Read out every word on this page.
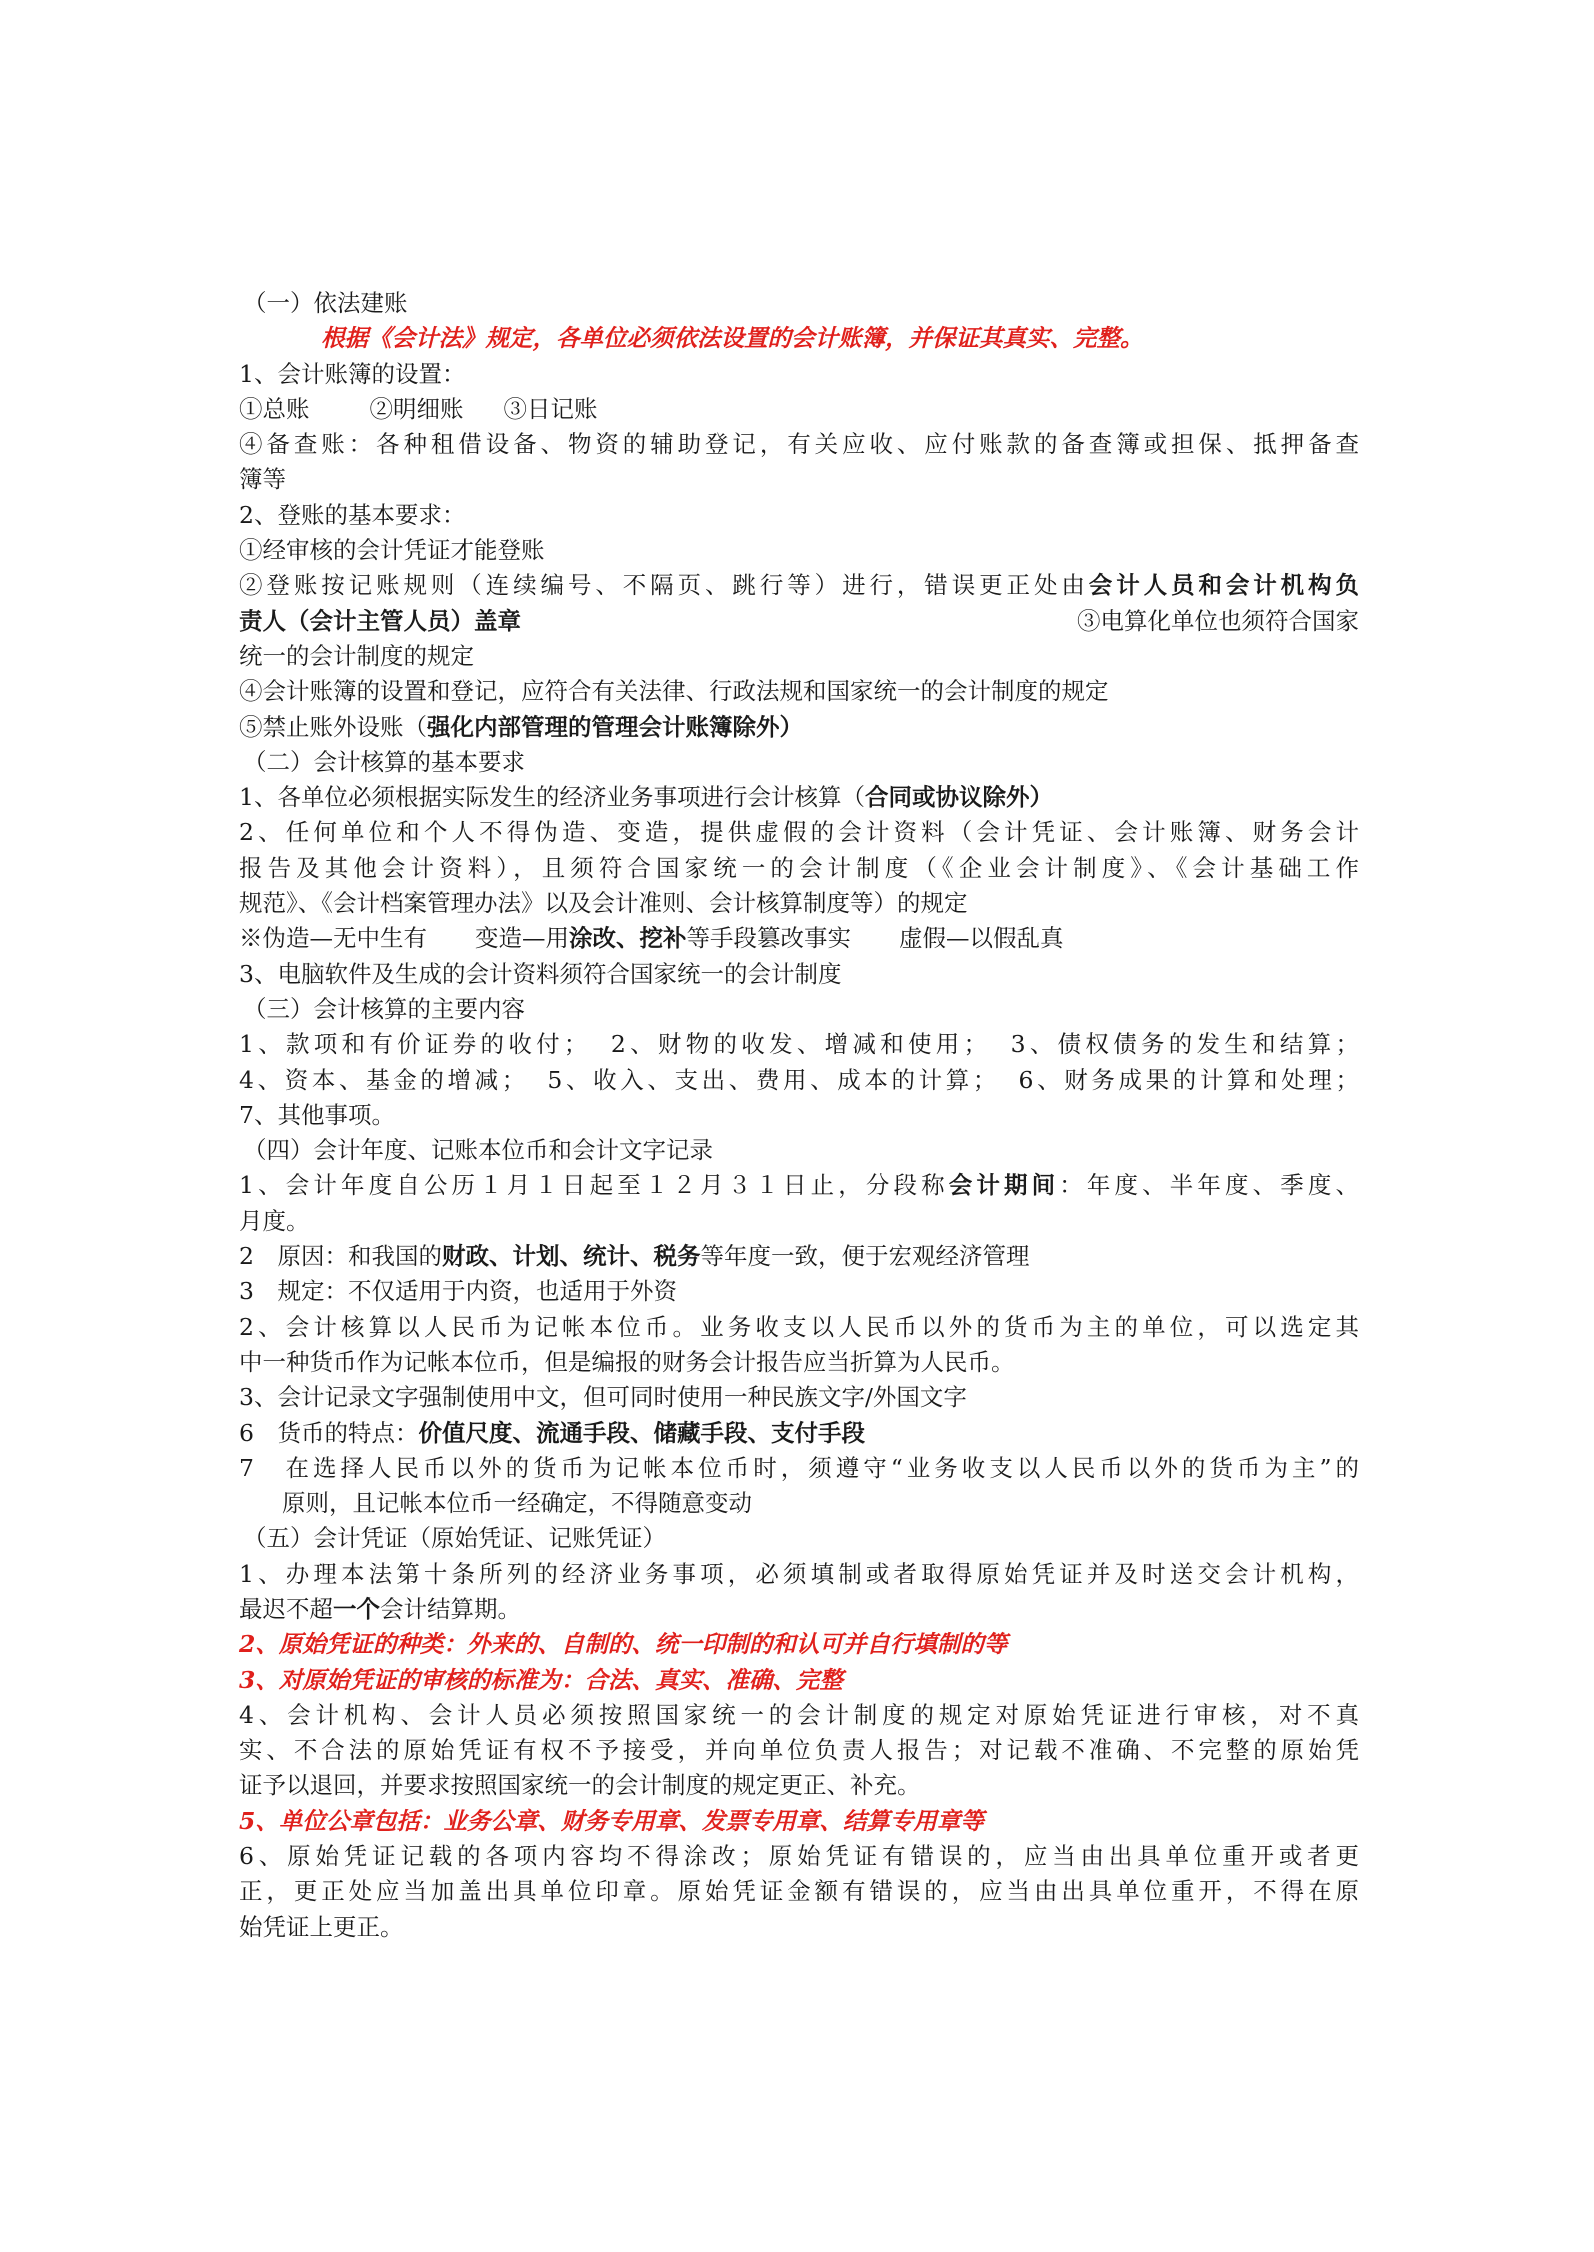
（一）依法建账
根据《会计法》规定，各单位必须依法设置的会计账簿，并保证其真实、完整。
1、会计账簿的设置：
①总账	②明细账 ③日记账
④备查账：各种租借设备、物资的辅助登记，有关应收、应付账款的备查簿或担保、抵押备查
簿等
2、登账的基本要求：
①经审核的会计凭证才能登账
②登账按记账规则（连续编号、不隔页、跳行等）进行，错误更正处由会计人员和会计机构负
责人（会计主管人员）盖章	③电算化单位也须符合国家
统一的会计制度的规定
④会计账簿的设置和登记，应符合有关法律、行政法规和国家统一的会计制度的规定
⑤禁止账外设账（强化内部管理的管理会计账簿除外）
（二）会计核算的基本要求
1、各单位必须根据实际发生的经济业务事项进行会计核算（合同或协议除外）
2、任何单位和个人不得伪造、变造，提供虚假的会计资料（会计凭证、会计账簿、财务会计
报告及其他会计资料），且须符合国家统一的会计制度（《企业会计制度》、《会计基础工作
规范》、《会计档案管理办法》以及会计准则、会计核算制度等）的规定
※伪造—无中生有 变造—用涂改、挖补等手段篡改事实 虚假—以假乱真
3、电脑软件及生成的会计资料须符合国家统一的会计制度
（三）会计核算的主要内容
1、款项和有价证券的收付；  2、财物的收发、增减和使用；  3、债权债务的发生和结算；
4、资本、基金的增减；  5、收入、支出、费用、成本的计算；  6、财务成果的计算和处理；
7、其他事项。
（四）会计年度、记账本位币和会计文字记录
1、会计年度自公历１月１日起至１２月３１日止，分段称会计期间：年度、半年度、季度、
月度。
2　原因：和我国的财政、计划、统计、税务等年度一致，便于宏观经济管理
3　规定：不仅适用于内资，也适用于外资
2、会计核算以人民币为记帐本位币。业务收支以人民币以外的货币为主的单位，可以选定其
中一种货币作为记帐本位币，但是编报的财务会计报告应当折算为人民币。
3、会计记录文字强制使用中文，但可同时使用一种民族文字/外国文字
6　货币的特点：价值尺度、流通手段、储藏手段、支付手段
7　在选择人民币以外的货币为记帐本位币时，须遵守“业务收支以人民币以外的货币为主”的
原则，且记帐本位币一经确定，不得随意变动
（五）会计凭证（原始凭证、记账凭证）
1、办理本法第十条所列的经济业务事项，必须填制或者取得原始凭证并及时送交会计机构，
最迟不超一个会计结算期。
2、原始凭证的种类：外来的、自制的、统一印制的和认可并自行填制的等
3、对原始凭证的审核的标准为：合法、真实、准确、完整
4、会计机构、会计人员必须按照国家统一的会计制度的规定对原始凭证进行审核，对不真
实、不合法的原始凭证有权不予接受，并向单位负责人报告；对记载不准确、不完整的原始凭
证予以退回，并要求按照国家统一的会计制度的规定更正、补充。
5、单位公章包括：业务公章、财务专用章、发票专用章、结算专用章等
6、原始凭证记载的各项内容均不得涂改；原始凭证有错误的，应当由出具单位重开或者更
正，更正处应当加盖出具单位印章。原始凭证金额有错误的，应当由出具单位重开，不得在原
始凭证上更正。
